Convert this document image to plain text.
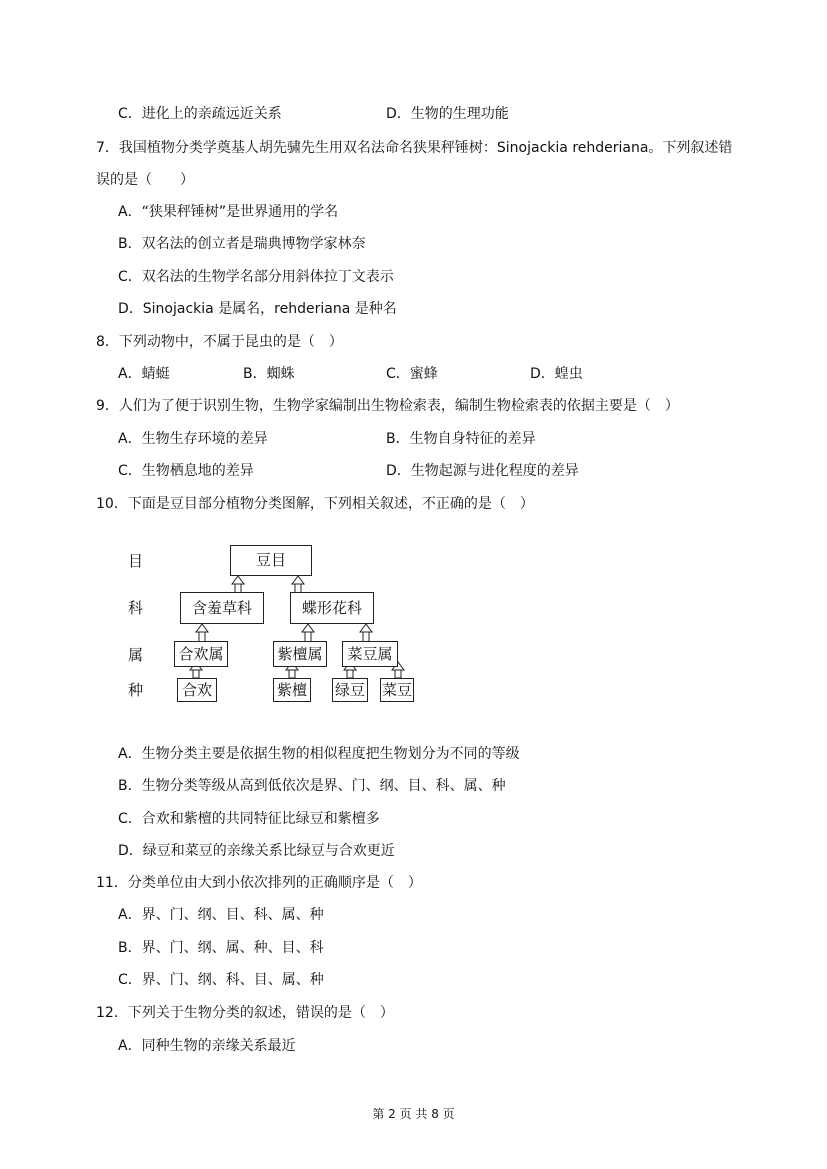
C．进化上的亲疏远近关系	D．生物的生理功能
7．我国植物分类学奠基人胡先骕先生用双名法命名狭果秤锤树：Sinojackia rehderiana。下列叙述错
误的是（　　）
A．“狭果秤锤树”是世界通用的学名
B．双名法的创立者是瑞典博物学家林奈
C．双名法的生物学名部分用斜体拉丁文表示
D．Sinojackia 是属名，rehderiana 是种名
8．下列动物中，不属于昆虫的是（　）
A．蜻蜓	B．蜘蛛	C．蜜蜂	D．蝗虫
9．人们为了便于识别生物，生物学家编制出生物检索表，编制生物检索表的依据主要是（　）
A．生物生存环境的差异	B．生物自身特征的差异
C．生物栖息地的差异	D．生物起源与进化程度的差异
10．下面是豆目部分植物分类图解，下列相关叙述，不正确的是（　）
A．生物分类主要是依据生物的相似程度把生物划分为不同的等级
B．生物分类等级从高到低依次是界、门、纲、目、科、属、种
C．合欢和紫檀的共同特征比绿豆和紫檀多
D．绿豆和菜豆的亲缘关系比绿豆与合欢更近
11．分类单位由大到小依次排列的正确顺序是（　）
A．界、门、纲、目、科、属、种
B．界、门、纲、属、种、目、科
C．界、门、纲、科、目、属、种
12．下列关于生物分类的叙述，错误的是（　）
A．同种生物的亲缘关系最近
目
科
属
种
豆目
含羞草科	蝶形花科
合欢属	紫檀属	菜豆属
合欢	紫檀 绿豆 菜豆
第 2 页 共 8 页
